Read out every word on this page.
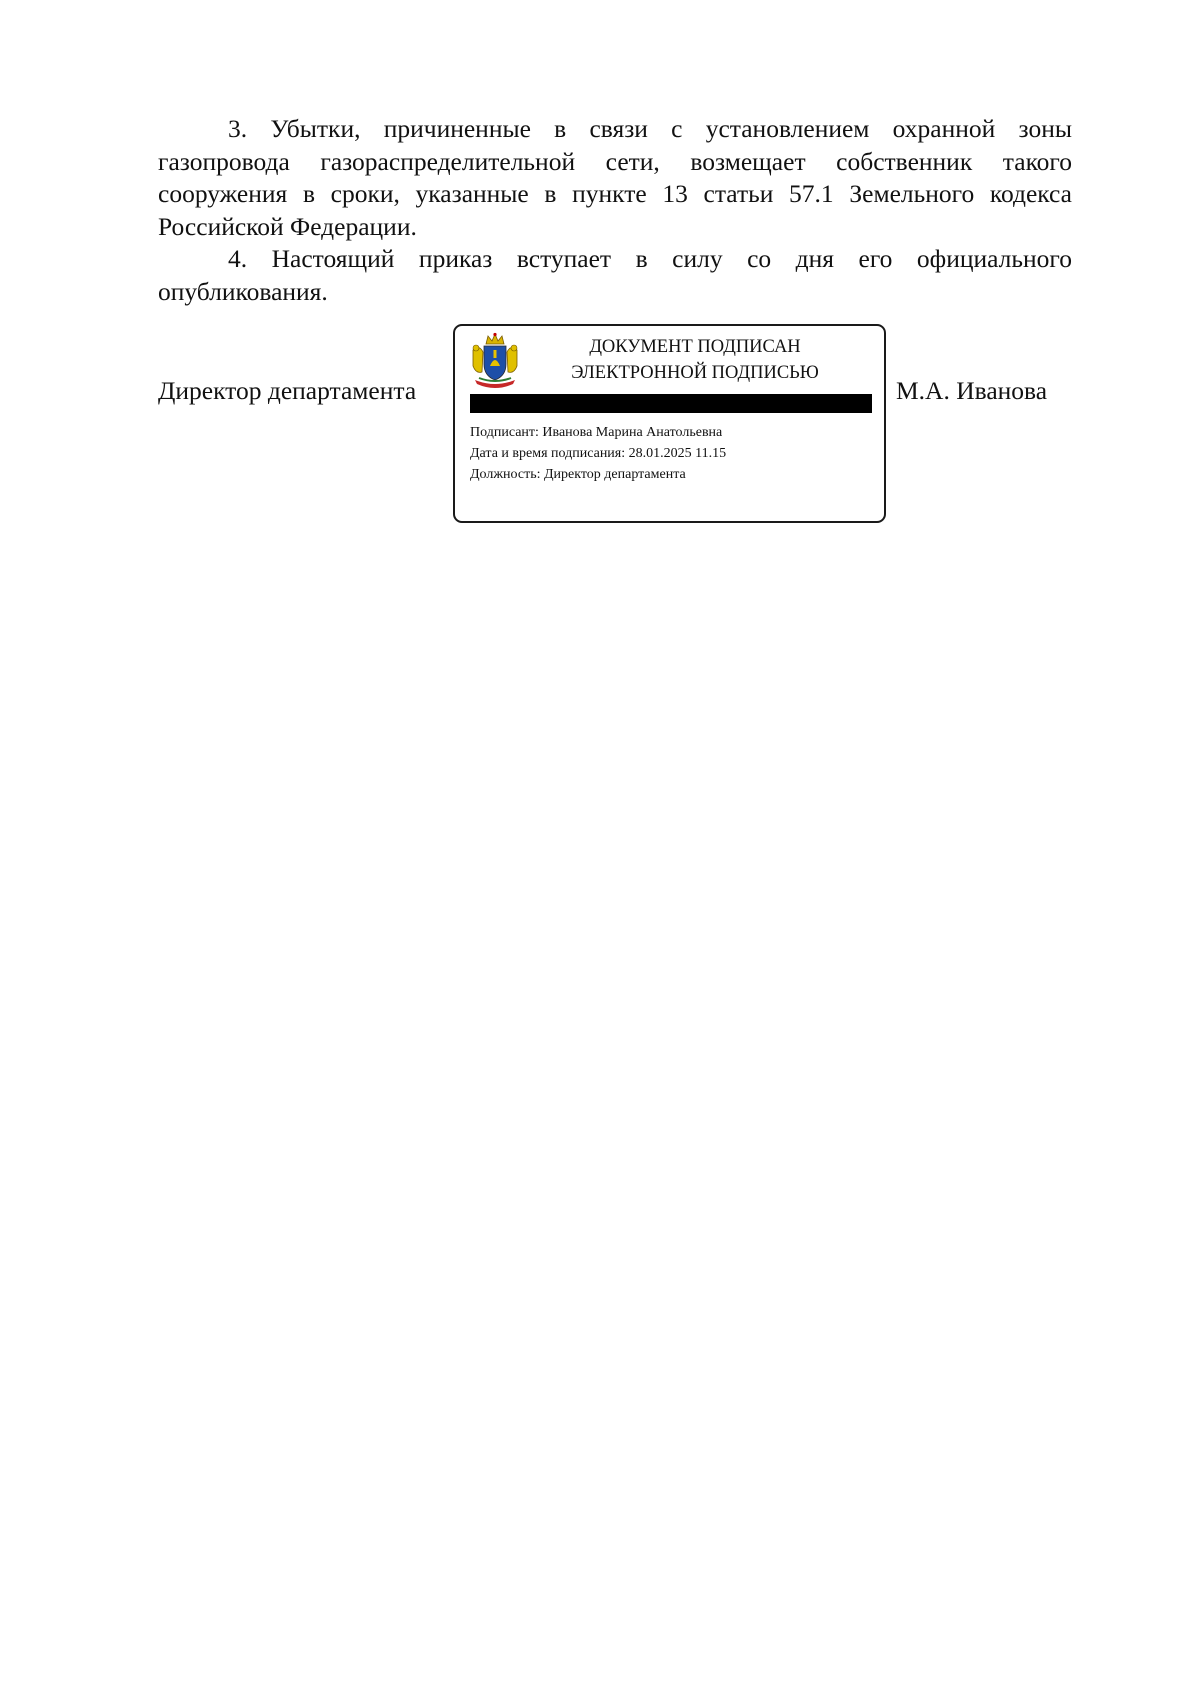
3. Убытки, причиненные в связи с установлением охранной зоны газопровода газораспределительной сети, возмещает собственник такого сооружения в сроки, указанные в пункте 13 статьи 57.1 Земельного кодекса Российской Федерации.

4. Настоящий приказ вступает в силу со дня его официального опубликования.

Директор департамента
ДОКУМЕНТ ПОДПИСАН
ЭЛЕКТРОННОЙ ПОДПИСЬЮ
Подписант: Иванова Марина Анатольевна
Дата и время подписания: 28.01.2025 11.15
Должность: Директор департамента
М.А. Иванова
